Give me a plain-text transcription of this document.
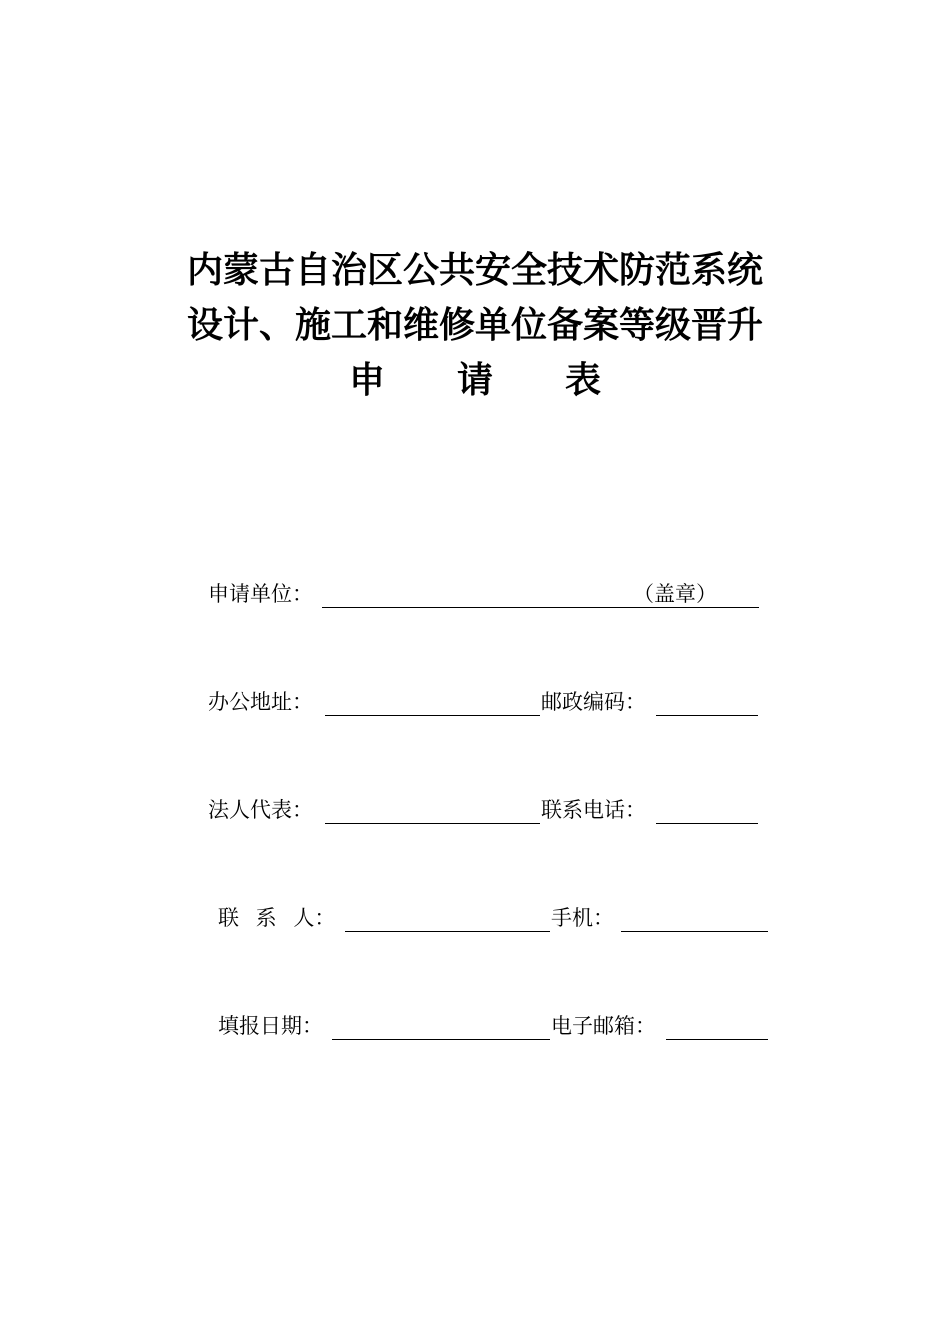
内蒙古自治区公共安全技术防范系统
设计、施工和维修单位备案等级晋升
申　　请　　表
申请单位：	（盖章）
办公地址：	邮政编码：
法人代表：	联系电话：
联 系 人：	手机：
填报日期：	电子邮箱：
